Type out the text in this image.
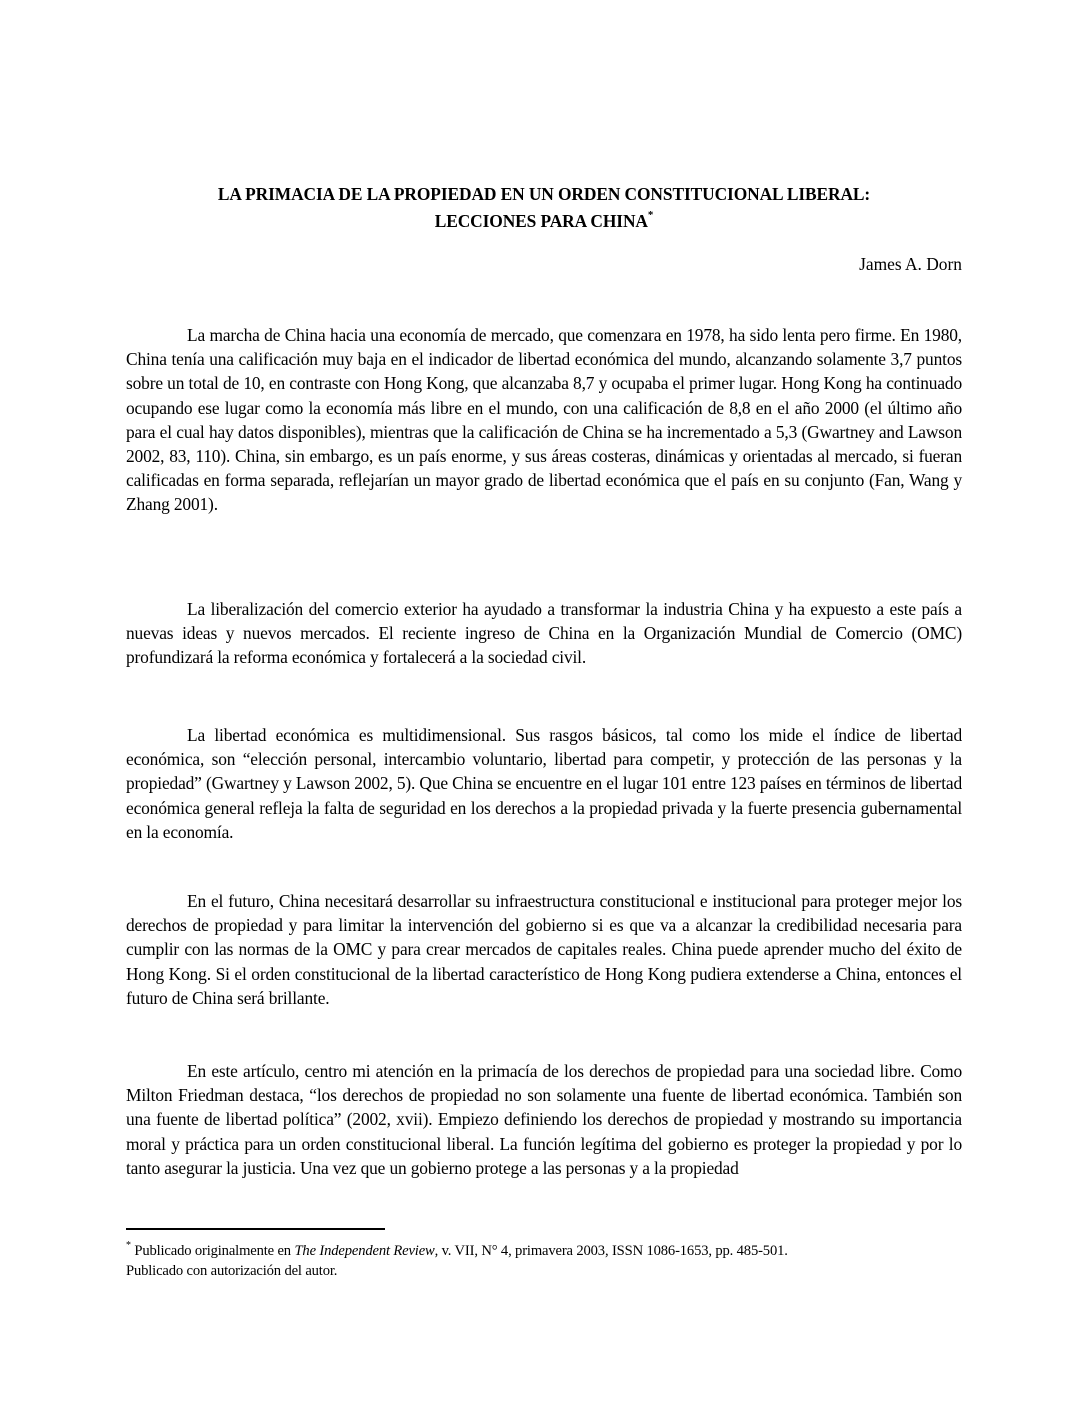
LA PRIMACIA DE LA PROPIEDAD EN UN ORDEN CONSTITUCIONAL LIBERAL:
LECCIONES PARA CHINA*
James A. Dorn

La marcha de China hacia una economía de mercado, que comenzara en 1978, ha sido lenta pero firme. En 1980, China tenía una calificación muy baja en el indicador de libertad económica del mundo, alcanzando solamente 3,7 puntos sobre un total de 10, en contraste con Hong Kong, que alcanzaba 8,7 y ocupaba el primer lugar. Hong Kong ha continuado ocupando ese lugar como la economía más libre en el mundo, con una calificación de 8,8 en el año 2000 (el último año para el cual hay datos disponibles), mientras que la calificación de China se ha incrementado a 5,3 (Gwartney and Lawson 2002, 83, 110). China, sin embargo, es un país enorme, y sus áreas costeras, dinámicas y orientadas al mercado, si fueran calificadas en forma separada, reflejarían un mayor grado de libertad económica que el país en su conjunto (Fan, Wang y Zhang 2001).

La liberalización del comercio exterior ha ayudado a transformar la industria China y ha expuesto a este país a nuevas ideas y nuevos mercados. El reciente ingreso de China en la Organización Mundial de Comercio (OMC) profundizará la reforma económica y fortalecerá a la sociedad civil.

La libertad económica es multidimensional. Sus rasgos básicos, tal como los mide el índice de libertad económica, son “elección personal, intercambio voluntario, libertad para competir, y protección de las personas y la propiedad” (Gwartney y Lawson 2002, 5). Que China se encuentre en el lugar 101 entre 123 países en términos de libertad económica general refleja la falta de seguridad en los derechos a la propiedad privada y la fuerte presencia gubernamental en la economía.

En el futuro, China necesitará desarrollar su infraestructura constitucional e institucional para proteger mejor los derechos de propiedad y para limitar la intervención del gobierno si es que va a alcanzar la credibilidad necesaria para cumplir con las normas de la OMC y para crear mercados de capitales reales. China puede aprender mucho del éxito de Hong Kong. Si el orden constitucional de la libertad característico de Hong Kong pudiera extenderse a China, entonces el futuro de China será brillante.

En este artículo, centro mi atención en la primacía de los derechos de propiedad para una sociedad libre. Como Milton Friedman destaca, “los derechos de propiedad no son solamente una fuente de libertad económica. También son una fuente de libertad política” (2002, xvii). Empiezo definiendo los derechos de propiedad y mostrando su importancia moral y práctica para un orden constitucional liberal. La función legítima del gobierno es proteger la propiedad y por lo tanto asegurar la justicia. Una vez que un gobierno protege a las personas y a la propiedad

* Publicado originalmente en The Independent Review, v. VII, N° 4, primavera 2003, ISSN 1086-1653, pp. 485-501.
Publicado con autorización del autor.
